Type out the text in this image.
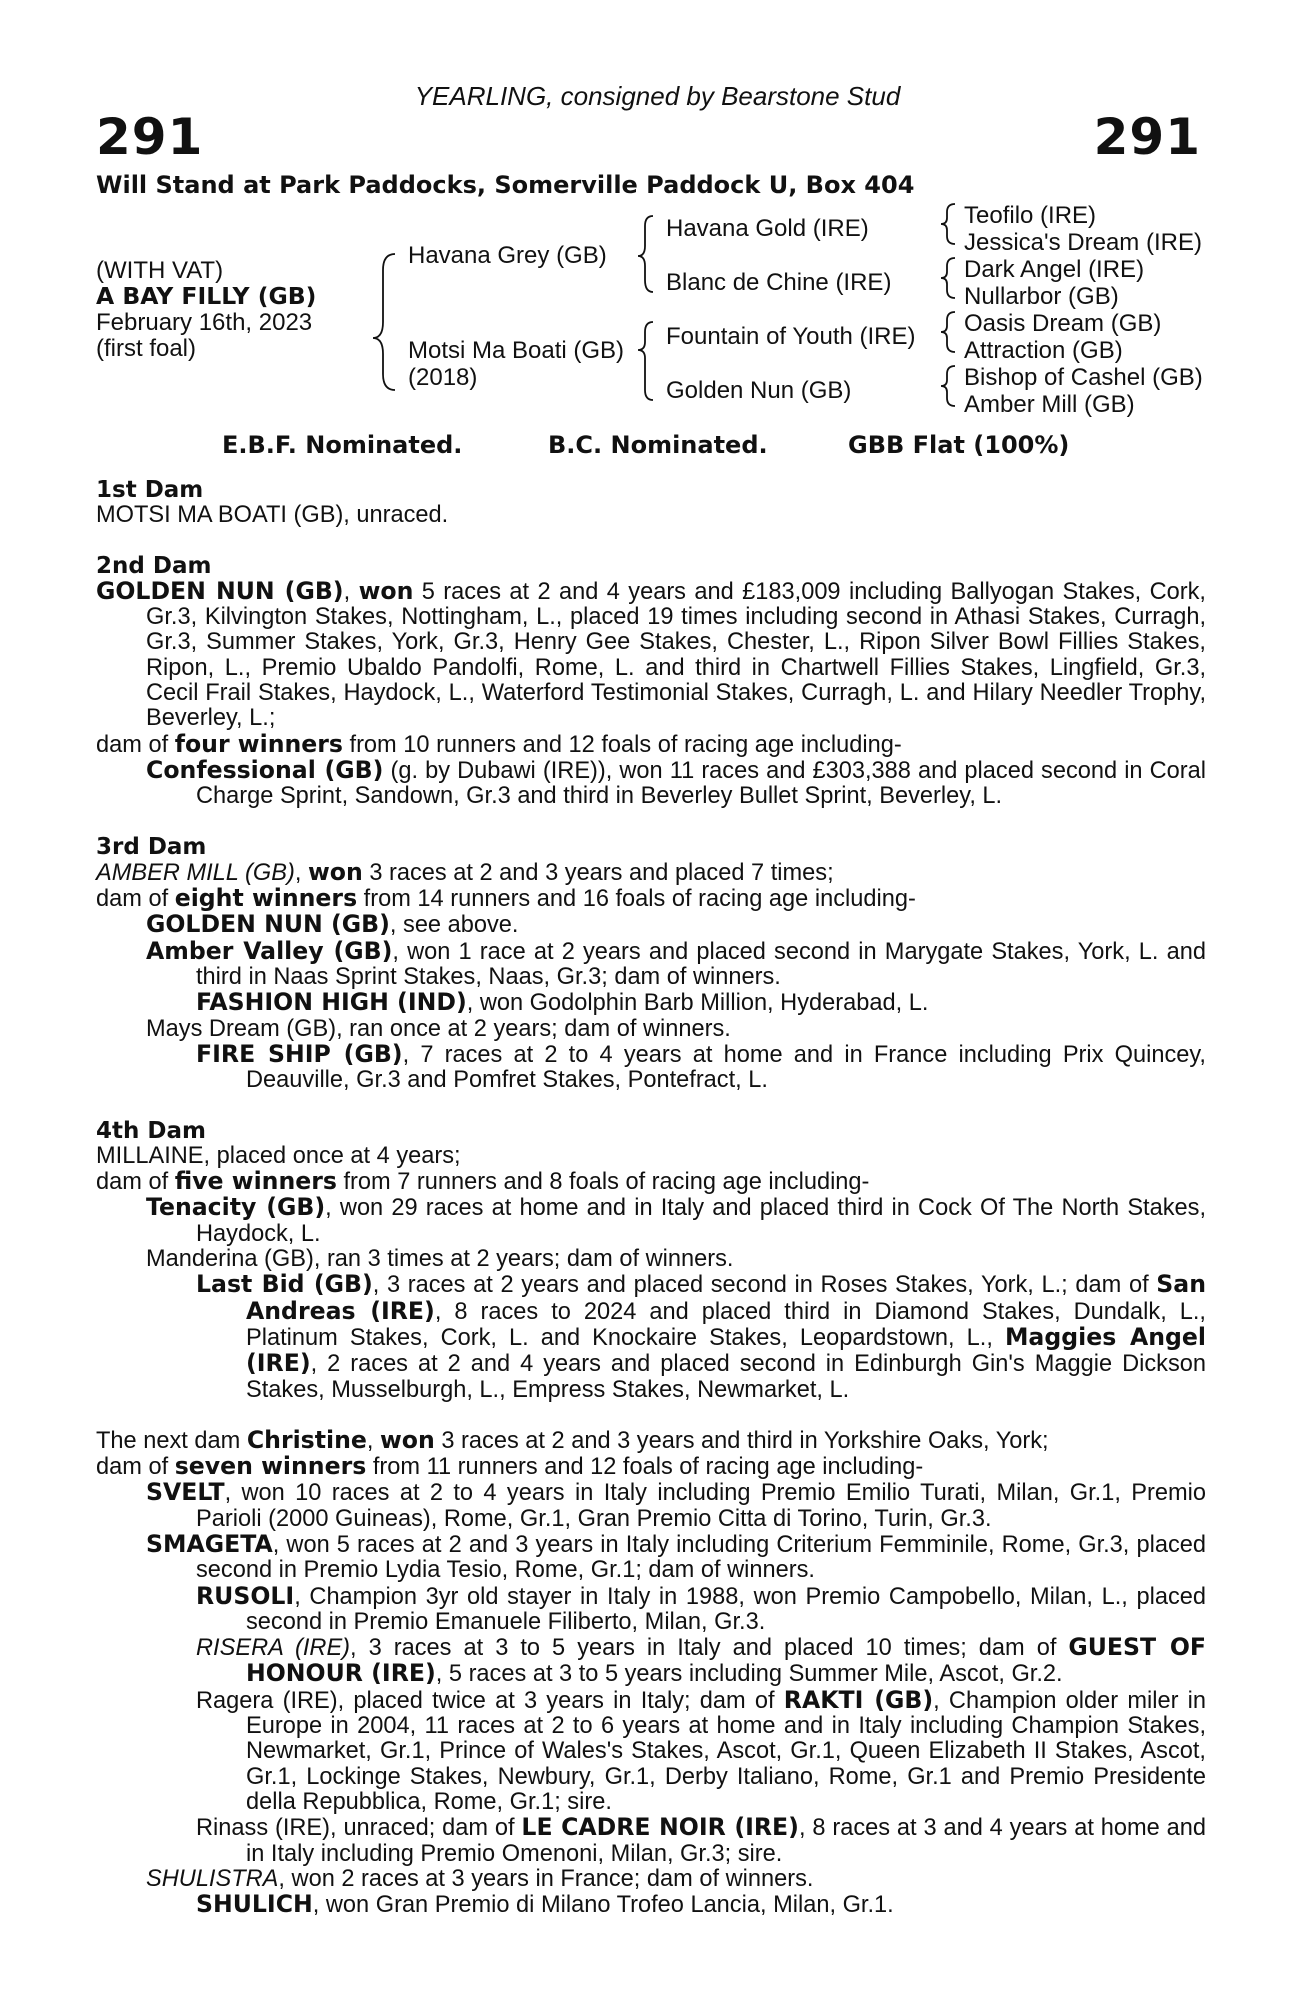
YEARLING, consigned by Bearstone Stud
291	291
Will Stand at Park Paddocks, Somerville Paddock U, Box 404
(WITH VAT)
A BAY FILLY (GB)
February 16th, 2023
(first foal)
Havana Grey (GB)
Motsi Ma Boati (GB)
(2018)
Havana Gold (IRE)
Blanc de Chine (IRE)
Fountain of Youth (IRE)
Golden Nun (GB)
Teofilo (IRE)
Jessica's Dream (IRE)
Dark Angel (IRE)
Nullarbor (GB)
Oasis Dream (GB)
Attraction (GB)
Bishop of Cashel (GB)
Amber Mill (GB)
E.B.F. Nominated.	B.C. Nominated.	GBB Flat (100%)
1st Dam
MOTSI MA BOATI (GB), unraced.
2nd Dam
GOLDEN NUN (GB), won 5 races at 2 and 4 years and £183,009 including Ballyogan Stakes, Cork, Gr.3, Kilvington Stakes, Nottingham, L., placed 19 times including second in Athasi Stakes, Curragh, Gr.3, Summer Stakes, York, Gr.3, Henry Gee Stakes, Chester, L., Ripon Silver Bowl Fillies Stakes, Ripon, L., Premio Ubaldo Pandolfi, Rome, L. and third in Chartwell Fillies Stakes, Lingfield, Gr.3, Cecil Frail Stakes, Haydock, L., Waterford Testimonial Stakes, Curragh, L. and Hilary Needler Trophy, Beverley, L.;
dam of four winners from 10 runners and 12 foals of racing age including-
Confessional (GB) (g. by Dubawi (IRE)), won 11 races and £303,388 and placed second in Coral Charge Sprint, Sandown, Gr.3 and third in Beverley Bullet Sprint, Beverley, L.
3rd Dam
AMBER MILL (GB), won 3 races at 2 and 3 years and placed 7 times;
dam of eight winners from 14 runners and 16 foals of racing age including-
GOLDEN NUN (GB), see above.
Amber Valley (GB), won 1 race at 2 years and placed second in Marygate Stakes, York, L. and third in Naas Sprint Stakes, Naas, Gr.3; dam of winners.
FASHION HIGH (IND), won Godolphin Barb Million, Hyderabad, L.
Mays Dream (GB), ran once at 2 years; dam of winners.
FIRE SHIP (GB), 7 races at 2 to 4 years at home and in France including Prix Quincey, Deauville, Gr.3 and Pomfret Stakes, Pontefract, L.
4th Dam
MILLAINE, placed once at 4 years;
dam of five winners from 7 runners and 8 foals of racing age including-
Tenacity (GB), won 29 races at home and in Italy and placed third in Cock Of The North Stakes, Haydock, L.
Manderina (GB), ran 3 times at 2 years; dam of winners.
Last Bid (GB), 3 races at 2 years and placed second in Roses Stakes, York, L.; dam of San Andreas (IRE), 8 races to 2024 and placed third in Diamond Stakes, Dundalk, L., Platinum Stakes, Cork, L. and Knockaire Stakes, Leopardstown, L., Maggies Angel (IRE), 2 races at 2 and 4 years and placed second in Edinburgh Gin's Maggie Dickson Stakes, Musselburgh, L., Empress Stakes, Newmarket, L.
The next dam Christine, won 3 races at 2 and 3 years and third in Yorkshire Oaks, York;
dam of seven winners from 11 runners and 12 foals of racing age including-
SVELT, won 10 races at 2 to 4 years in Italy including Premio Emilio Turati, Milan, Gr.1, Premio Parioli (2000 Guineas), Rome, Gr.1, Gran Premio Citta di Torino, Turin, Gr.3.
SMAGETA, won 5 races at 2 and 3 years in Italy including Criterium Femminile, Rome, Gr.3, placed second in Premio Lydia Tesio, Rome, Gr.1; dam of winners.
RUSOLI, Champion 3yr old stayer in Italy in 1988, won Premio Campobello, Milan, L., placed second in Premio Emanuele Filiberto, Milan, Gr.3.
RISERA (IRE), 3 races at 3 to 5 years in Italy and placed 10 times; dam of GUEST OF HONOUR (IRE), 5 races at 3 to 5 years including Summer Mile, Ascot, Gr.2.
Ragera (IRE), placed twice at 3 years in Italy; dam of RAKTI (GB), Champion older miler in Europe in 2004, 11 races at 2 to 6 years at home and in Italy including Champion Stakes, Newmarket, Gr.1, Prince of Wales's Stakes, Ascot, Gr.1, Queen Elizabeth II Stakes, Ascot, Gr.1, Lockinge Stakes, Newbury, Gr.1, Derby Italiano, Rome, Gr.1 and Premio Presidente della Repubblica, Rome, Gr.1; sire.
Rinass (IRE), unraced; dam of LE CADRE NOIR (IRE), 8 races at 3 and 4 years at home and in Italy including Premio Omenoni, Milan, Gr.3; sire.
SHULISTRA, won 2 races at 3 years in France; dam of winners.
SHULICH, won Gran Premio di Milano Trofeo Lancia, Milan, Gr.1.
